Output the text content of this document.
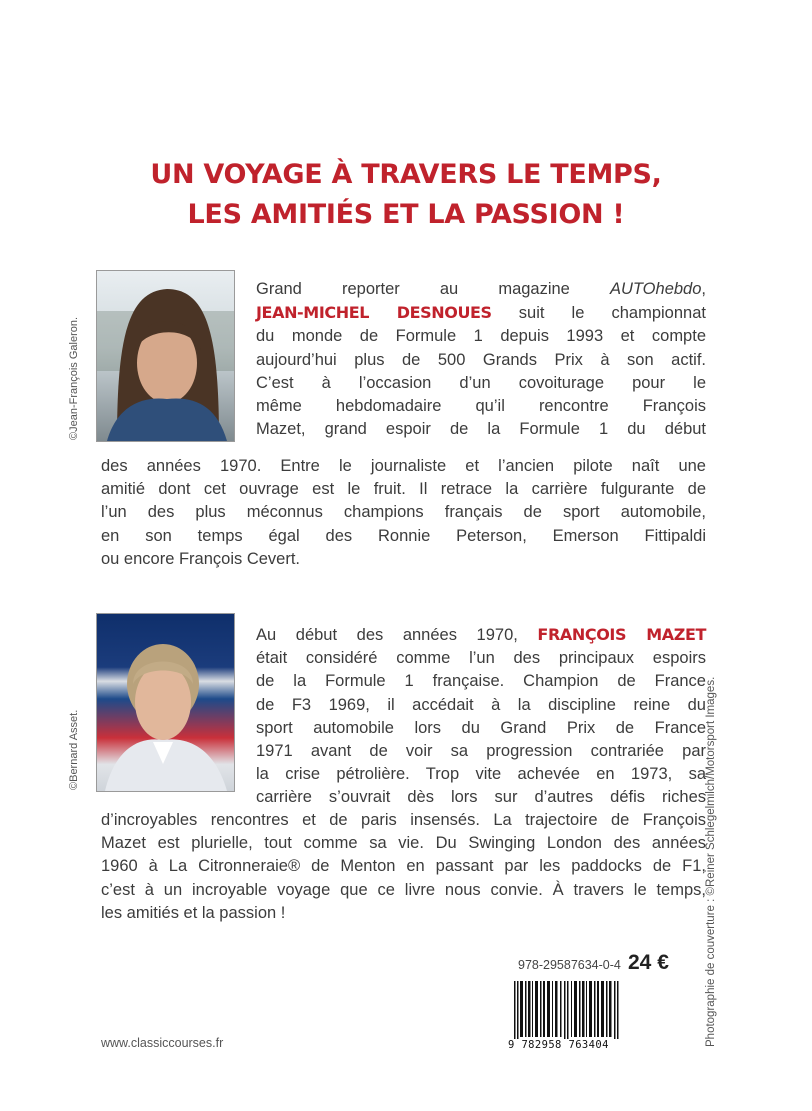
UN VOYAGE À TRAVERS LE TEMPS,
LES AMITIÉS ET LA PASSION !
©Jean-François Galeron.
Grand reporter au magazine AUTOhebdo,
JEAN-MICHEL DESNOUES suit le championnat
du monde de Formule 1 depuis 1993 et compte
aujourd’hui plus de 500 Grands Prix à son actif.
C’est à l’occasion d’un covoiturage pour le
même hebdomadaire qu’il rencontre François
Mazet, grand espoir de la Formule 1 du début
des années 1970. Entre le journaliste et l’ancien pilote naît une
amitié dont cet ouvrage est le fruit. Il retrace la carrière fulgurante de
l’un des plus méconnus champions français de sport automobile,
en son temps égal des Ronnie Peterson, Emerson Fittipaldi
ou encore François Cevert.
©Bernard Asset.
Au début des années 1970, FRANÇOIS MAZET
était considéré comme l’un des principaux espoirs
de la Formule 1 française. Champion de France
de F3 1969, il accédait à la discipline reine du
sport automobile lors du Grand Prix de France
1971 avant de voir sa progression contrariée par
la crise pétrolière. Trop vite achevée en 1973, sa
carrière s’ouvrait dès lors sur d’autres défis riches
d’incroyables rencontres et de paris insensés. La trajectoire de François
Mazet est plurielle, tout comme sa vie. Du Swinging London des années
1960 à La Citronneraie® de Menton en passant par les paddocks de F1,
c’est à un incroyable voyage que ce livre nous convie. À travers le temps,
les amitiés et la passion !	Photographie de couverture : ©Reiner Schlegelmilch/Motorsport Images.
978-29587634-0-4 24 €
9 782958 763404
www.classiccourses.fr
